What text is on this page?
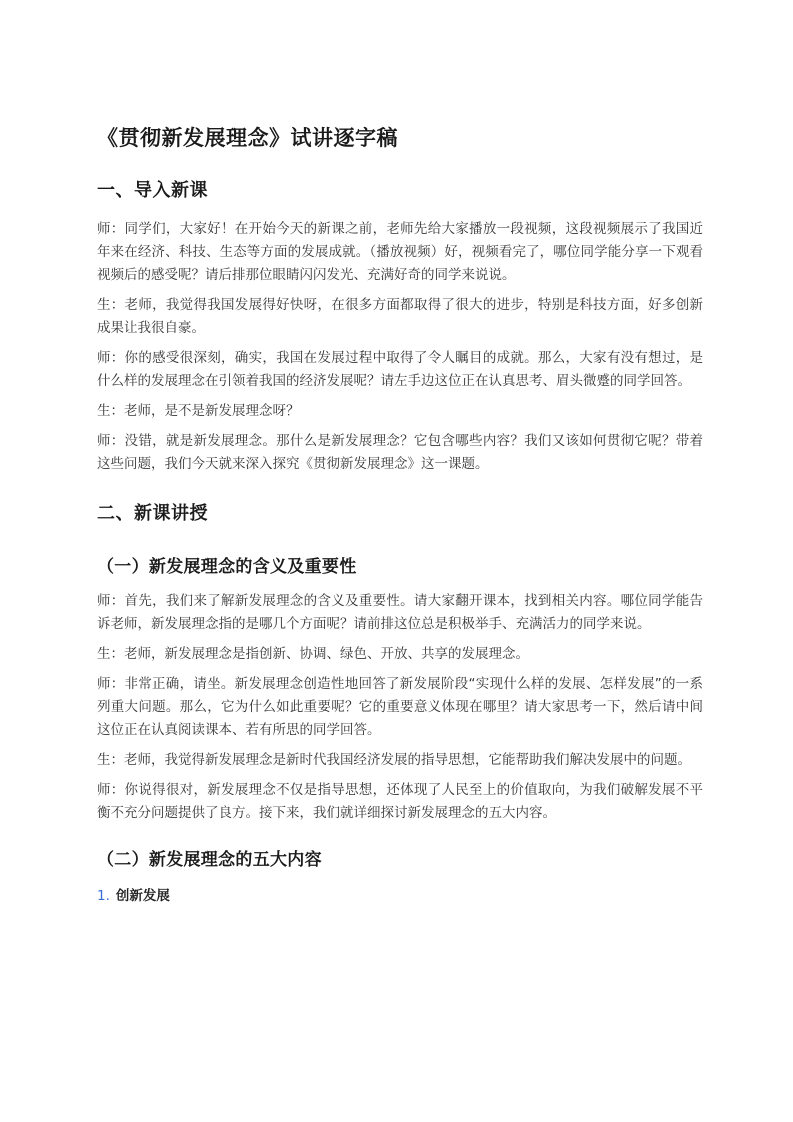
《贯彻新发展理念》试讲逐字稿
一、导入新课

师：同学们，大家好！在开始今天的新课之前，老师先给大家播放一段视频，这段视频展示了我国近年来在经济、科技、生态等方面的发展成就。（播放视频）好，视频看完了，哪位同学能分享一下观看视频后的感受呢？请后排那位眼睛闪闪发光、充满好奇的同学来说说。

生：老师，我觉得我国发展得好快呀，在很多方面都取得了很大的进步，特别是科技方面，好多创新成果让我很自豪。

师：你的感受很深刻，确实，我国在发展过程中取得了令人瞩目的成就。那么，大家有没有想过，是什么样的发展理念在引领着我国的经济发展呢？请左手边这位正在认真思考、眉头微蹙的同学回答。

生：老师，是不是新发展理念呀？

师：没错，就是新发展理念。那什么是新发展理念？它包含哪些内容？我们又该如何贯彻它呢？带着这些问题，我们今天就来深入探究《贯彻新发展理念》这一课题。

二、新课讲授
（一）新发展理念的含义及重要性

师：首先，我们来了解新发展理念的含义及重要性。请大家翻开课本，找到相关内容。哪位同学能告诉老师，新发展理念指的是哪几个方面呢？请前排这位总是积极举手、充满活力的同学来说。

生：老师，新发展理念是指创新、协调、绿色、开放、共享的发展理念。

师：非常正确，请坐。新发展理念创造性地回答了新发展阶段“实现什么样的发展、怎样发展”的一系列重大问题。那么，它为什么如此重要呢？它的重要意义体现在哪里？请大家思考一下，然后请中间这位正在认真阅读课本、若有所思的同学回答。

生：老师，我觉得新发展理念是新时代我国经济发展的指导思想，它能帮助我们解决发展中的问题。

师：你说得很对，新发展理念不仅是指导思想，还体现了人民至上的价值取向，为我们破解发展不平衡不充分问题提供了良方。接下来，我们就详细探讨新发展理念的五大内容。

（二）新发展理念的五大内容
1. 创新发展
